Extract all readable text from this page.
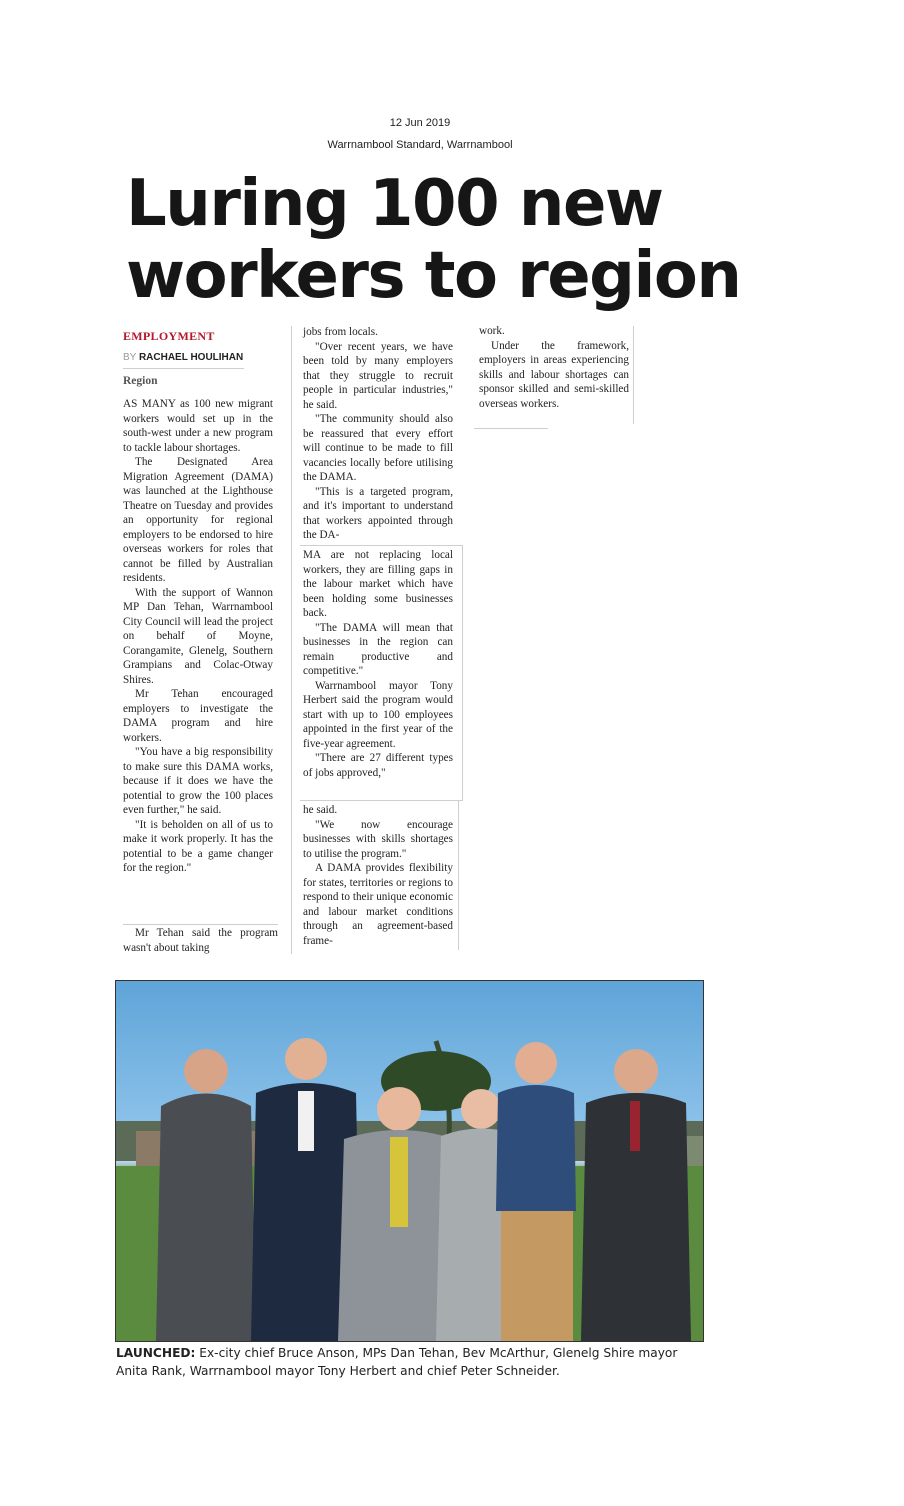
12 Jun 2019
Warrnambool Standard, Warrnambool
Luring 100 new
workers to region
EMPLOYMENT
BY RACHAEL HOULIHAN
Region

AS MANY as 100 new migrant workers would set up in the south-west under a new program to tackle labour shortages.

The Designated Area Migration Agreement (DAMA) was launched at the Lighthouse Theatre on Tuesday and provides an opportunity for regional employers to be endorsed to hire overseas workers for roles that cannot be filled by Australian residents.

With the support of Wannon MP Dan Tehan, Warrnambool City Council will lead the project on behalf of Moyne, Corangamite, Glenelg, Southern Grampians and Colac-Otway Shires.

Mr Tehan encouraged employers to investigate the DAMA program and hire workers.

"You have a big responsibility to make sure this DAMA works, because if it does we have the potential to grow the 100 places even further," he said.

"It is beholden on all of us to make it work properly. It has the potential to be a game changer for the region."

Mr Tehan said the program wasn't about taking

jobs from locals.

"Over recent years, we have been told by many employers that they struggle to recruit people in particular industries," he said.

"The community should also be reassured that every effort will continue to be made to fill vacancies locally before utilising the DAMA.

"This is a targeted program, and it's important to understand that workers appointed through the DA-

MA are not replacing local workers, they are filling gaps in the labour market which have been holding some businesses back.

"The DAMA will mean that businesses in the region can remain productive and competitive."

Warrnambool mayor Tony Herbert said the program would start with up to 100 employees appointed in the first year of the five-year agreement.

"There are 27 different types of jobs approved,"

he said.

"We now encourage businesses with skills shortages to utilise the program."

A DAMA provides flexibility for states, territories or regions to respond to their unique economic and labour market conditions through an agreement-based frame-

work.

Under the framework, employers in areas experiencing skills and labour shortages can sponsor skilled and semi-skilled overseas workers.

LAUNCHED: Ex-city chief Bruce Anson, MPs Dan Tehan, Bev McArthur, Glenelg Shire mayor Anita Rank, Warrnambool mayor Tony Herbert and chief Peter Schneider.
